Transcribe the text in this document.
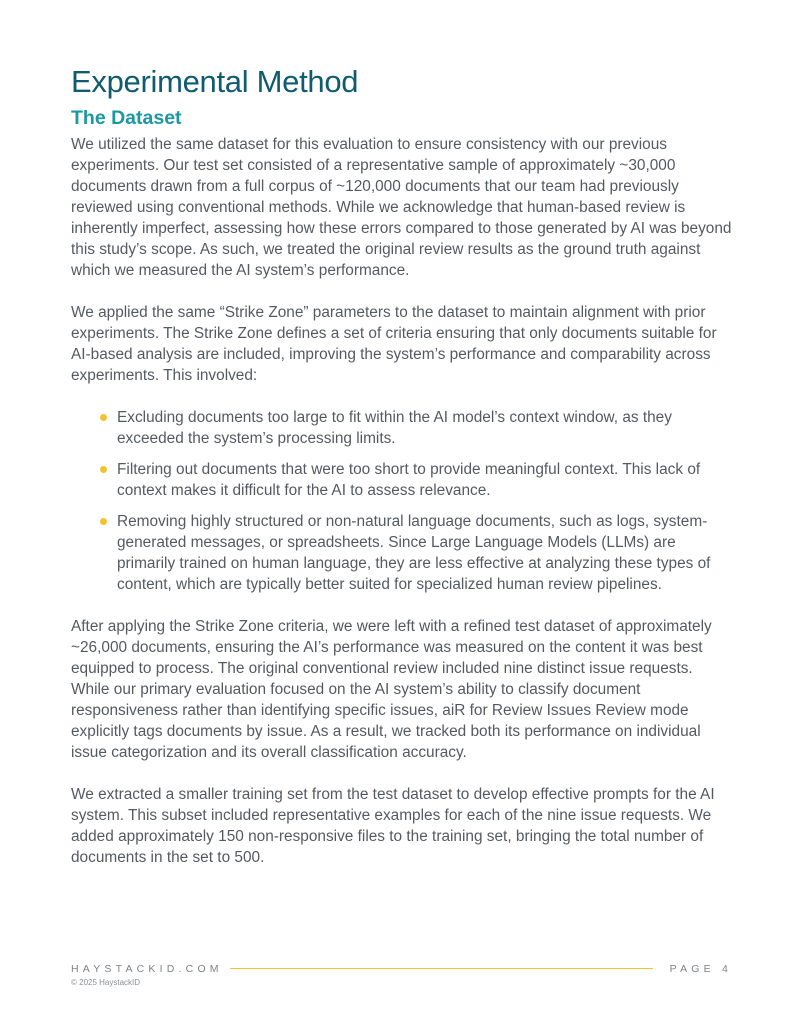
Experimental Method
The Dataset

We utilized the same dataset for this evaluation to ensure consistency with our previous experiments. Our test set consisted of a representative sample of approximately ~30,000 documents drawn from a full corpus of ~120,000 documents that our team had previously reviewed using conventional methods. While we acknowledge that human-based review is inherently imperfect, assessing how these errors compared to those generated by AI was beyond this study’s scope. As such, we treated the original review results as the ground truth against which we measured the AI system’s performance.

We applied the same “Strike Zone” parameters to the dataset to maintain alignment with prior experiments. The Strike Zone defines a set of criteria ensuring that only documents suitable for AI-based analysis are included, improving the system’s performance and comparability across experiments. This involved:

Excluding documents too large to fit within the AI model’s context window, as they exceeded the system’s processing limits.
Filtering out documents that were too short to provide meaningful context. This lack of context makes it difficult for the AI to assess relevance.
Removing highly structured or non-natural language documents, such as logs, system-generated messages, or spreadsheets. Since Large Language Models (LLMs) are primarily trained on human language, they are less effective at analyzing these types of content, which are typically better suited for specialized human review pipelines.

After applying the Strike Zone criteria, we were left with a refined test dataset of approximately ~26,000 documents, ensuring the AI’s performance was measured on the content it was best equipped to process. The original conventional review included nine distinct issue requests. While our primary evaluation focused on the AI system’s ability to classify document responsiveness rather than identifying specific issues, aiR for Review Issues Review mode explicitly tags documents by issue. As a result, we tracked both its performance on individual issue categorization and its overall classification accuracy.

We extracted a smaller training set from the test dataset to develop effective prompts for the AI system. This subset included representative examples for each of the nine issue requests. We added approximately 150 non-responsive files to the training set, bringing the total number of documents in the set to 500.

HAYSTACKID.COM	PAGE 4
© 2025 HaystackID
